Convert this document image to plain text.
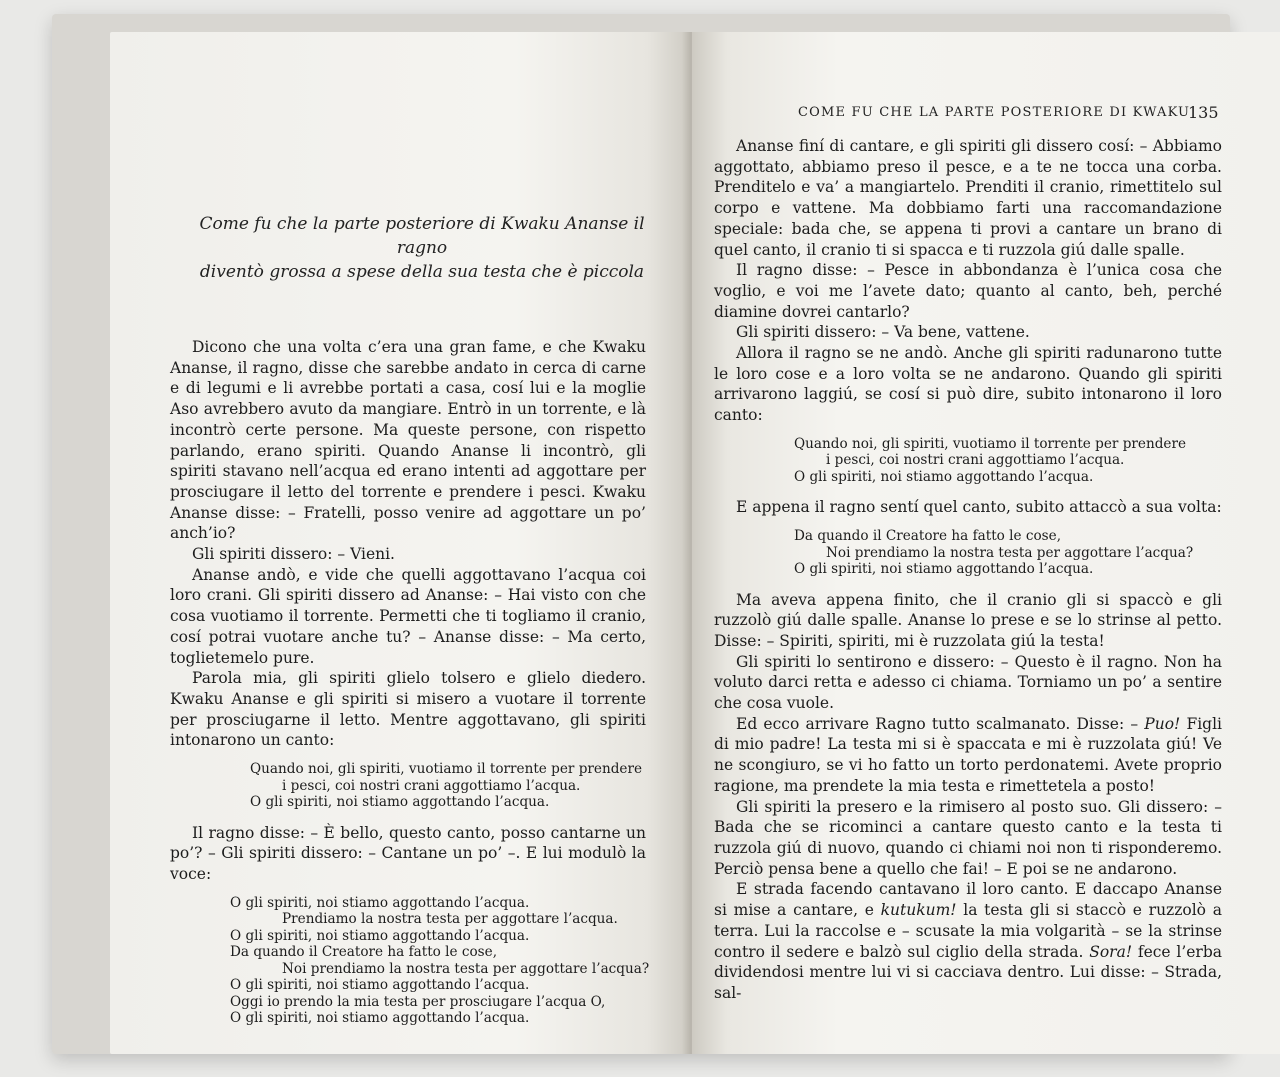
Come fu che la parte posteriore di Kwaku Ananse il ragno
diventò grossa a spese della sua testa che è piccola

Dicono che una volta c’era una gran fame, e che Kwaku Ananse, il ragno, disse che sarebbe andato in cerca di carne e di legumi e li avrebbe portati a casa, cosí lui e la moglie Aso avrebbero avuto da mangiare. Entrò in un torrente, e là incontrò certe persone. Ma queste persone, con rispetto parlando, erano spiriti. Quando Ananse li incontrò, gli spiriti stavano nell’acqua ed erano intenti ad aggottare per prosciugare il letto del torrente e prendere i pesci. Kwaku Ananse disse: – Fratelli, posso venire ad aggottare un po’ anch’io?

Gli spiriti dissero: – Vieni.

Ananse andò, e vide che quelli aggottavano l’acqua coi loro crani. Gli spiriti dissero ad Ananse: – Hai visto con che cosa vuotiamo il torrente. Permetti che ti togliamo il cranio, cosí potrai vuotare anche tu? – Ananse disse: – Ma certo, toglietemelo pure.

Parola mia, gli spiriti glielo tolsero e glielo diedero. Kwaku Ananse e gli spiriti si misero a vuotare il torrente per prosciugarne il letto. Mentre aggottavano, gli spiriti intonarono un canto:

Quando noi, gli spiriti, vuotiamo il torrente per prendere
i pesci, coi nostri crani aggottiamo l’acqua.
O gli spiriti, noi stiamo aggottando l’acqua.

Il ragno disse: – È bello, questo canto, posso cantarne un po’? – Gli spiriti dissero: – Cantane un po’ –. E lui modulò la voce:

O gli spiriti, noi stiamo aggottando l’acqua.
Prendiamo la nostra testa per aggottare l’acqua.
O gli spiriti, noi stiamo aggottando l’acqua.
Da quando il Creatore ha fatto le cose,
Noi prendiamo la nostra testa per aggottare l’acqua?
O gli spiriti, noi stiamo aggottando l’acqua.
Oggi io prendo la mia testa per prosciugare l’acqua O,
O gli spiriti, noi stiamo aggottando l’acqua.
COME FU CHE LA PARTE POSTERIORE DI KWAKU
135

Ananse finí di cantare, e gli spiriti gli dissero cosí: – Abbiamo aggottato, abbiamo preso il pesce, e a te ne tocca una corba. Prenditelo e va’ a mangiartelo. Prenditi il cranio, rimettitelo sul corpo e vattene. Ma dobbiamo farti una raccomandazione speciale: bada che, se appena ti provi a cantare un brano di quel canto, il cranio ti si spacca e ti ruzzola giú dalle spalle.

Il ragno disse: – Pesce in abbondanza è l’unica cosa che voglio, e voi me l’avete dato; quanto al canto, beh, perché diamine dovrei cantarlo?

Gli spiriti dissero: – Va bene, vattene.

Allora il ragno se ne andò. Anche gli spiriti radunarono tutte le loro cose e a loro volta se ne andarono. Quando gli spiriti arrivarono laggiú, se cosí si può dire, subito intonarono il loro canto:

Quando noi, gli spiriti, vuotiamo il torrente per prendere
i pesci, coi nostri crani aggottiamo l’acqua.
O gli spiriti, noi stiamo aggottando l’acqua.

E appena il ragno sentí quel canto, subito attaccò a sua volta:

Da quando il Creatore ha fatto le cose,
Noi prendiamo la nostra testa per aggottare l’acqua?
O gli spiriti, noi stiamo aggottando l’acqua.

Ma aveva appena finito, che il cranio gli si spaccò e gli ruzzolò giú dalle spalle. Ananse lo prese e se lo strinse al petto. Disse: – Spiriti, spiriti, mi è ruzzolata giú la testa!

Gli spiriti lo sentirono e dissero: – Questo è il ragno. Non ha voluto darci retta e adesso ci chiama. Torniamo un po’ a sentire che cosa vuole.

Ed ecco arrivare Ragno tutto scalmanato. Disse: – Puo! Figli di mio padre! La testa mi si è spaccata e mi è ruzzolata giú! Ve ne scongiuro, se vi ho fatto un torto perdonatemi. Avete proprio ragione, ma prendete la mia testa e rimettetela a posto!

Gli spiriti la presero e la rimisero al posto suo. Gli dissero: – Bada che se ricominci a cantare questo canto e la testa ti ruzzola giú di nuovo, quando ci chiami noi non ti risponderemo. Perciò pensa bene a quello che fai! – E poi se ne andarono.

E strada facendo cantavano il loro canto. E daccapo Ananse si mise a cantare, e kutukum! la testa gli si staccò e ruzzolò a terra. Lui la raccolse e – scusate la mia volgarità – se la strinse contro il sedere e balzò sul ciglio della strada. Sora! fece l’erba dividendosi mentre lui vi si cacciava dentro. Lui disse: – Strada, sal-
